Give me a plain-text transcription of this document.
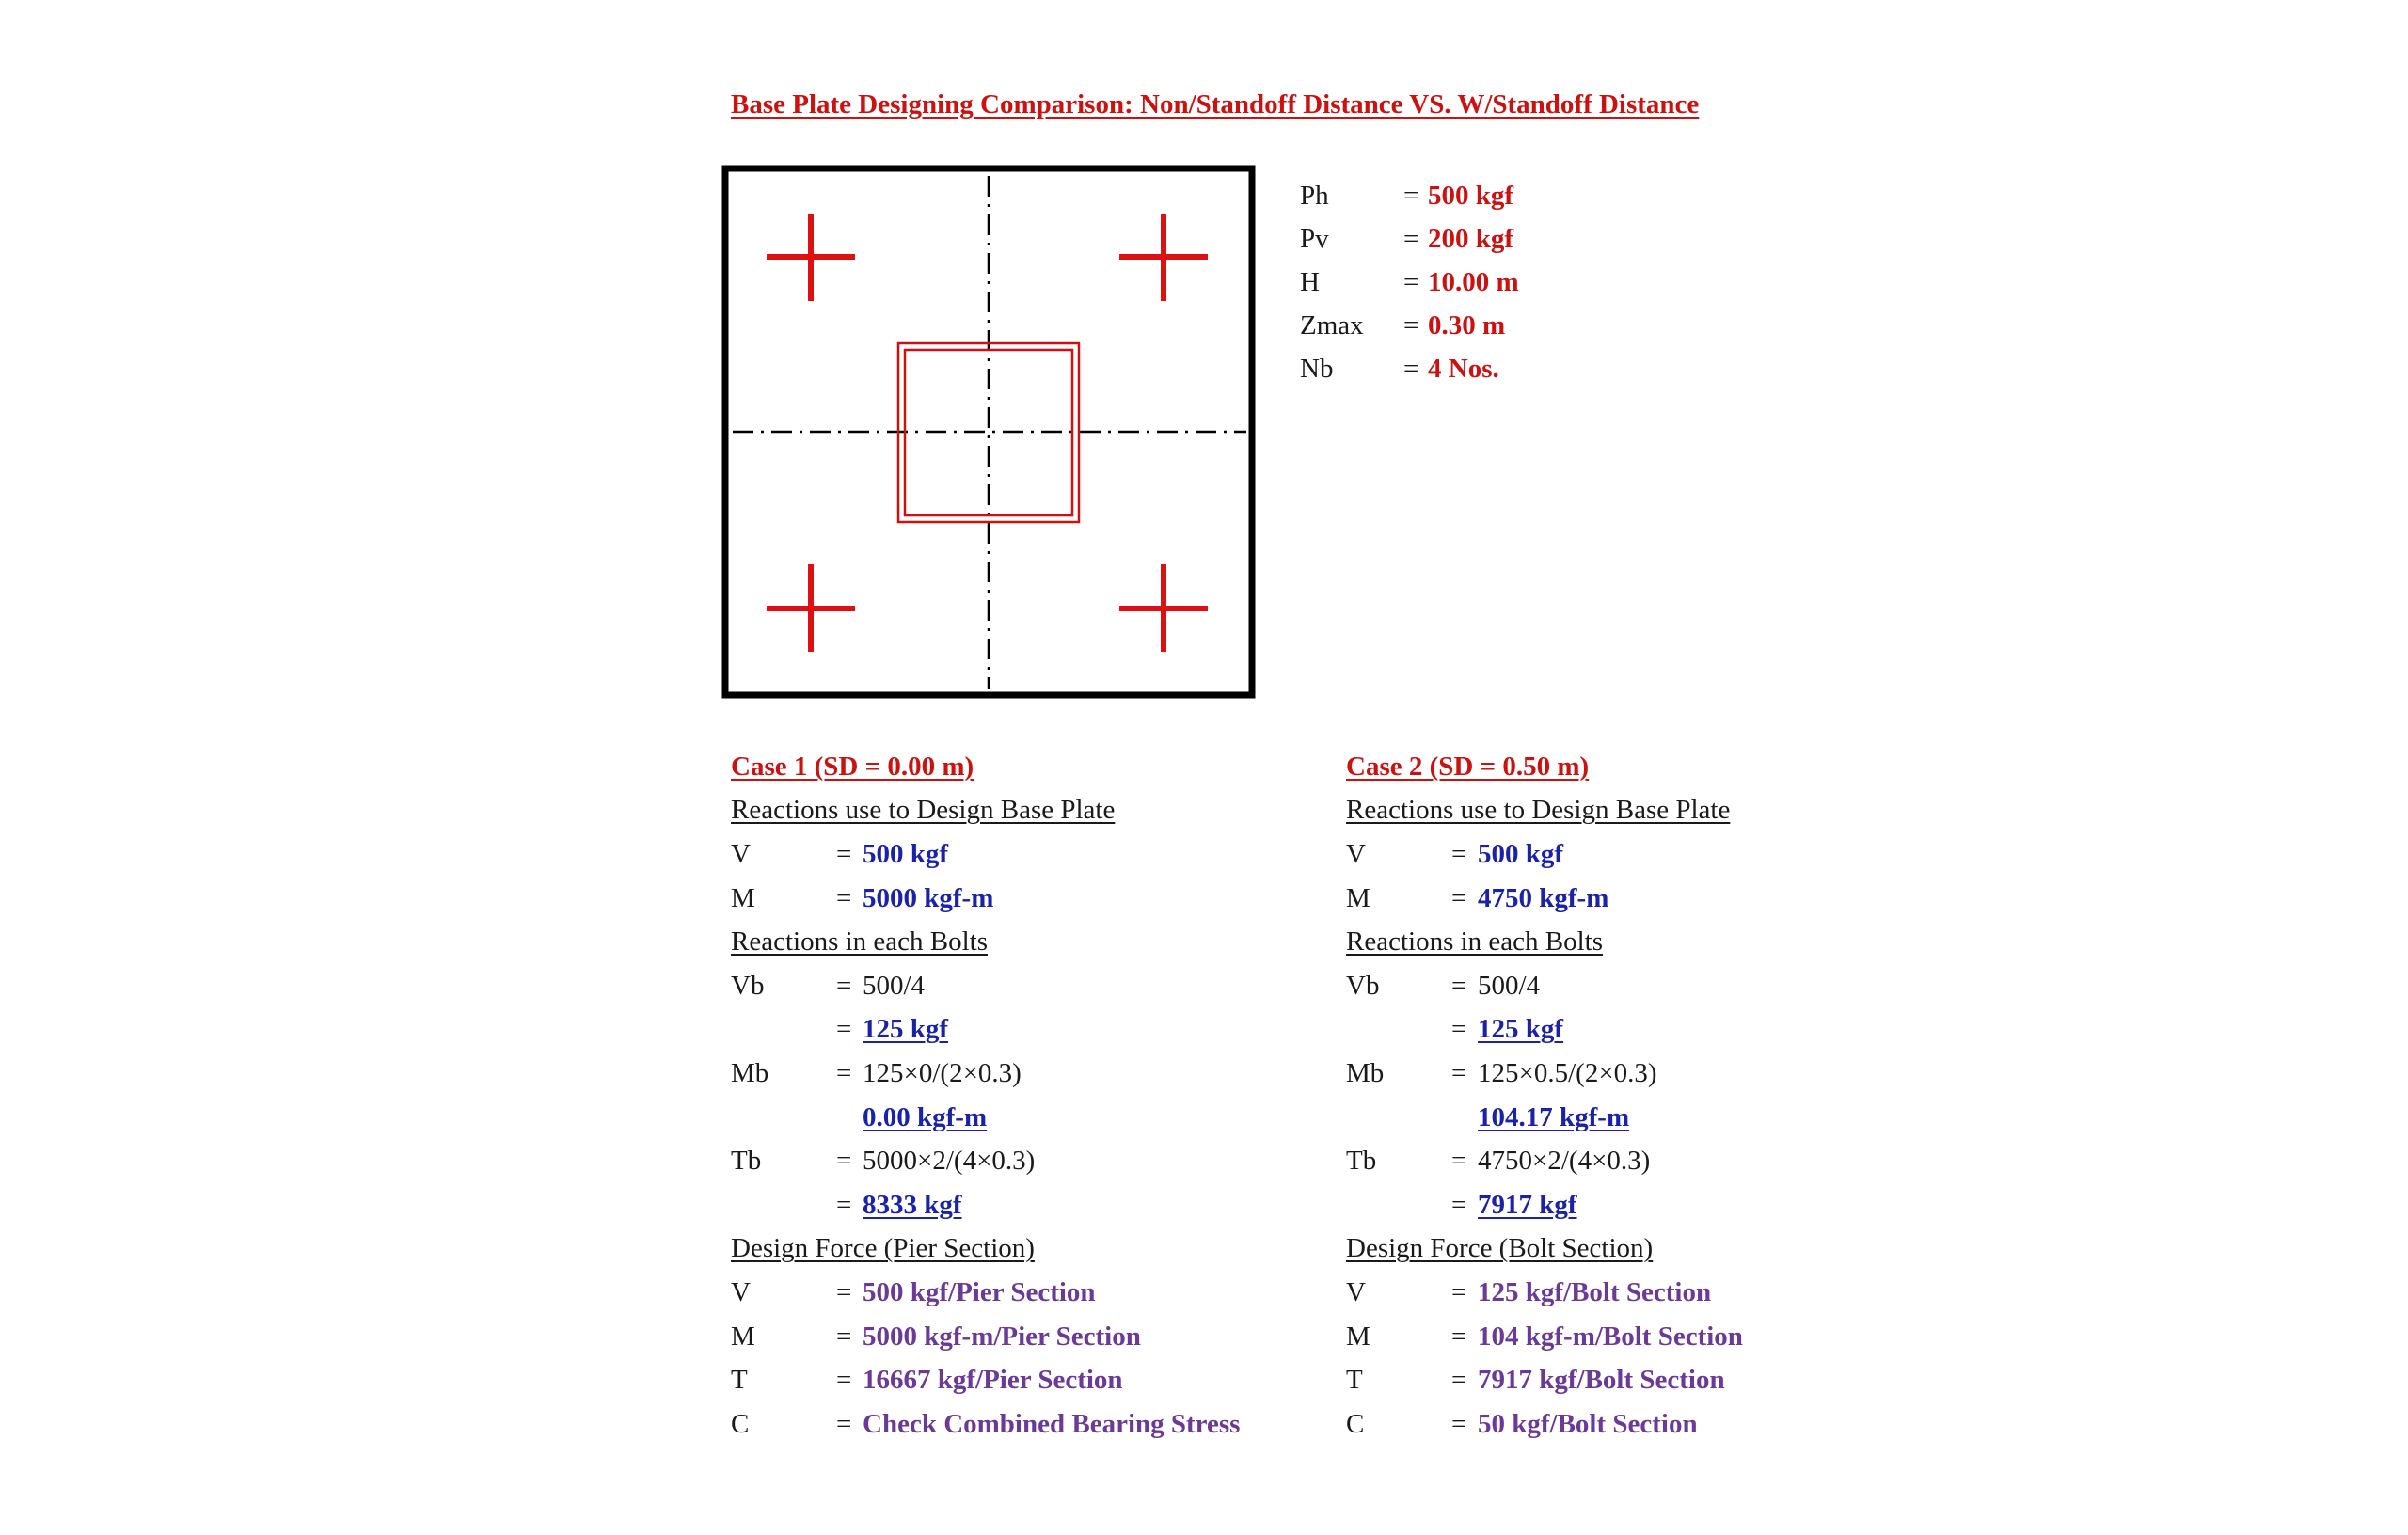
Base Plate Designing Comparison: Non/Standoff Distance VS. W/Standoff Distance
Ph	= 500 kgf
Pv	= 200 kgf
H	= 10.00 m
Zmax	= 0.30 m
Nb	= 4 Nos.
Case 1 (SD = 0.00 m)
Reactions use to Design Base Plate
V	= 500 kgf
M	= 5000 kgf-m
Reactions in each Bolts
Vb	= 500/4
= 125 kgf
Mb	= 125×0/(2×0.3)
0.00 kgf-m
Tb	= 5000×2/(4×0.3)
= 8333 kgf
Design Force (Pier Section)
V	= 500 kgf/Pier Section
M	= 5000 kgf-m/Pier Section
T	= 16667 kgf/Pier Section
C	= Check Combined Bearing Stress
Case 2 (SD = 0.50 m)
Reactions use to Design Base Plate
V	= 500 kgf
M	= 4750 kgf-m
Reactions in each Bolts
Vb	= 500/4
= 125 kgf
Mb	= 125×0.5/(2×0.3)
104.17 kgf-m
Tb	= 4750×2/(4×0.3)
= 7917 kgf
Design Force (Bolt Section)
V	= 125 kgf/Bolt Section
M	= 104 kgf-m/Bolt Section
T	= 7917 kgf/Bolt Section
C	= 50 kgf/Bolt Section
